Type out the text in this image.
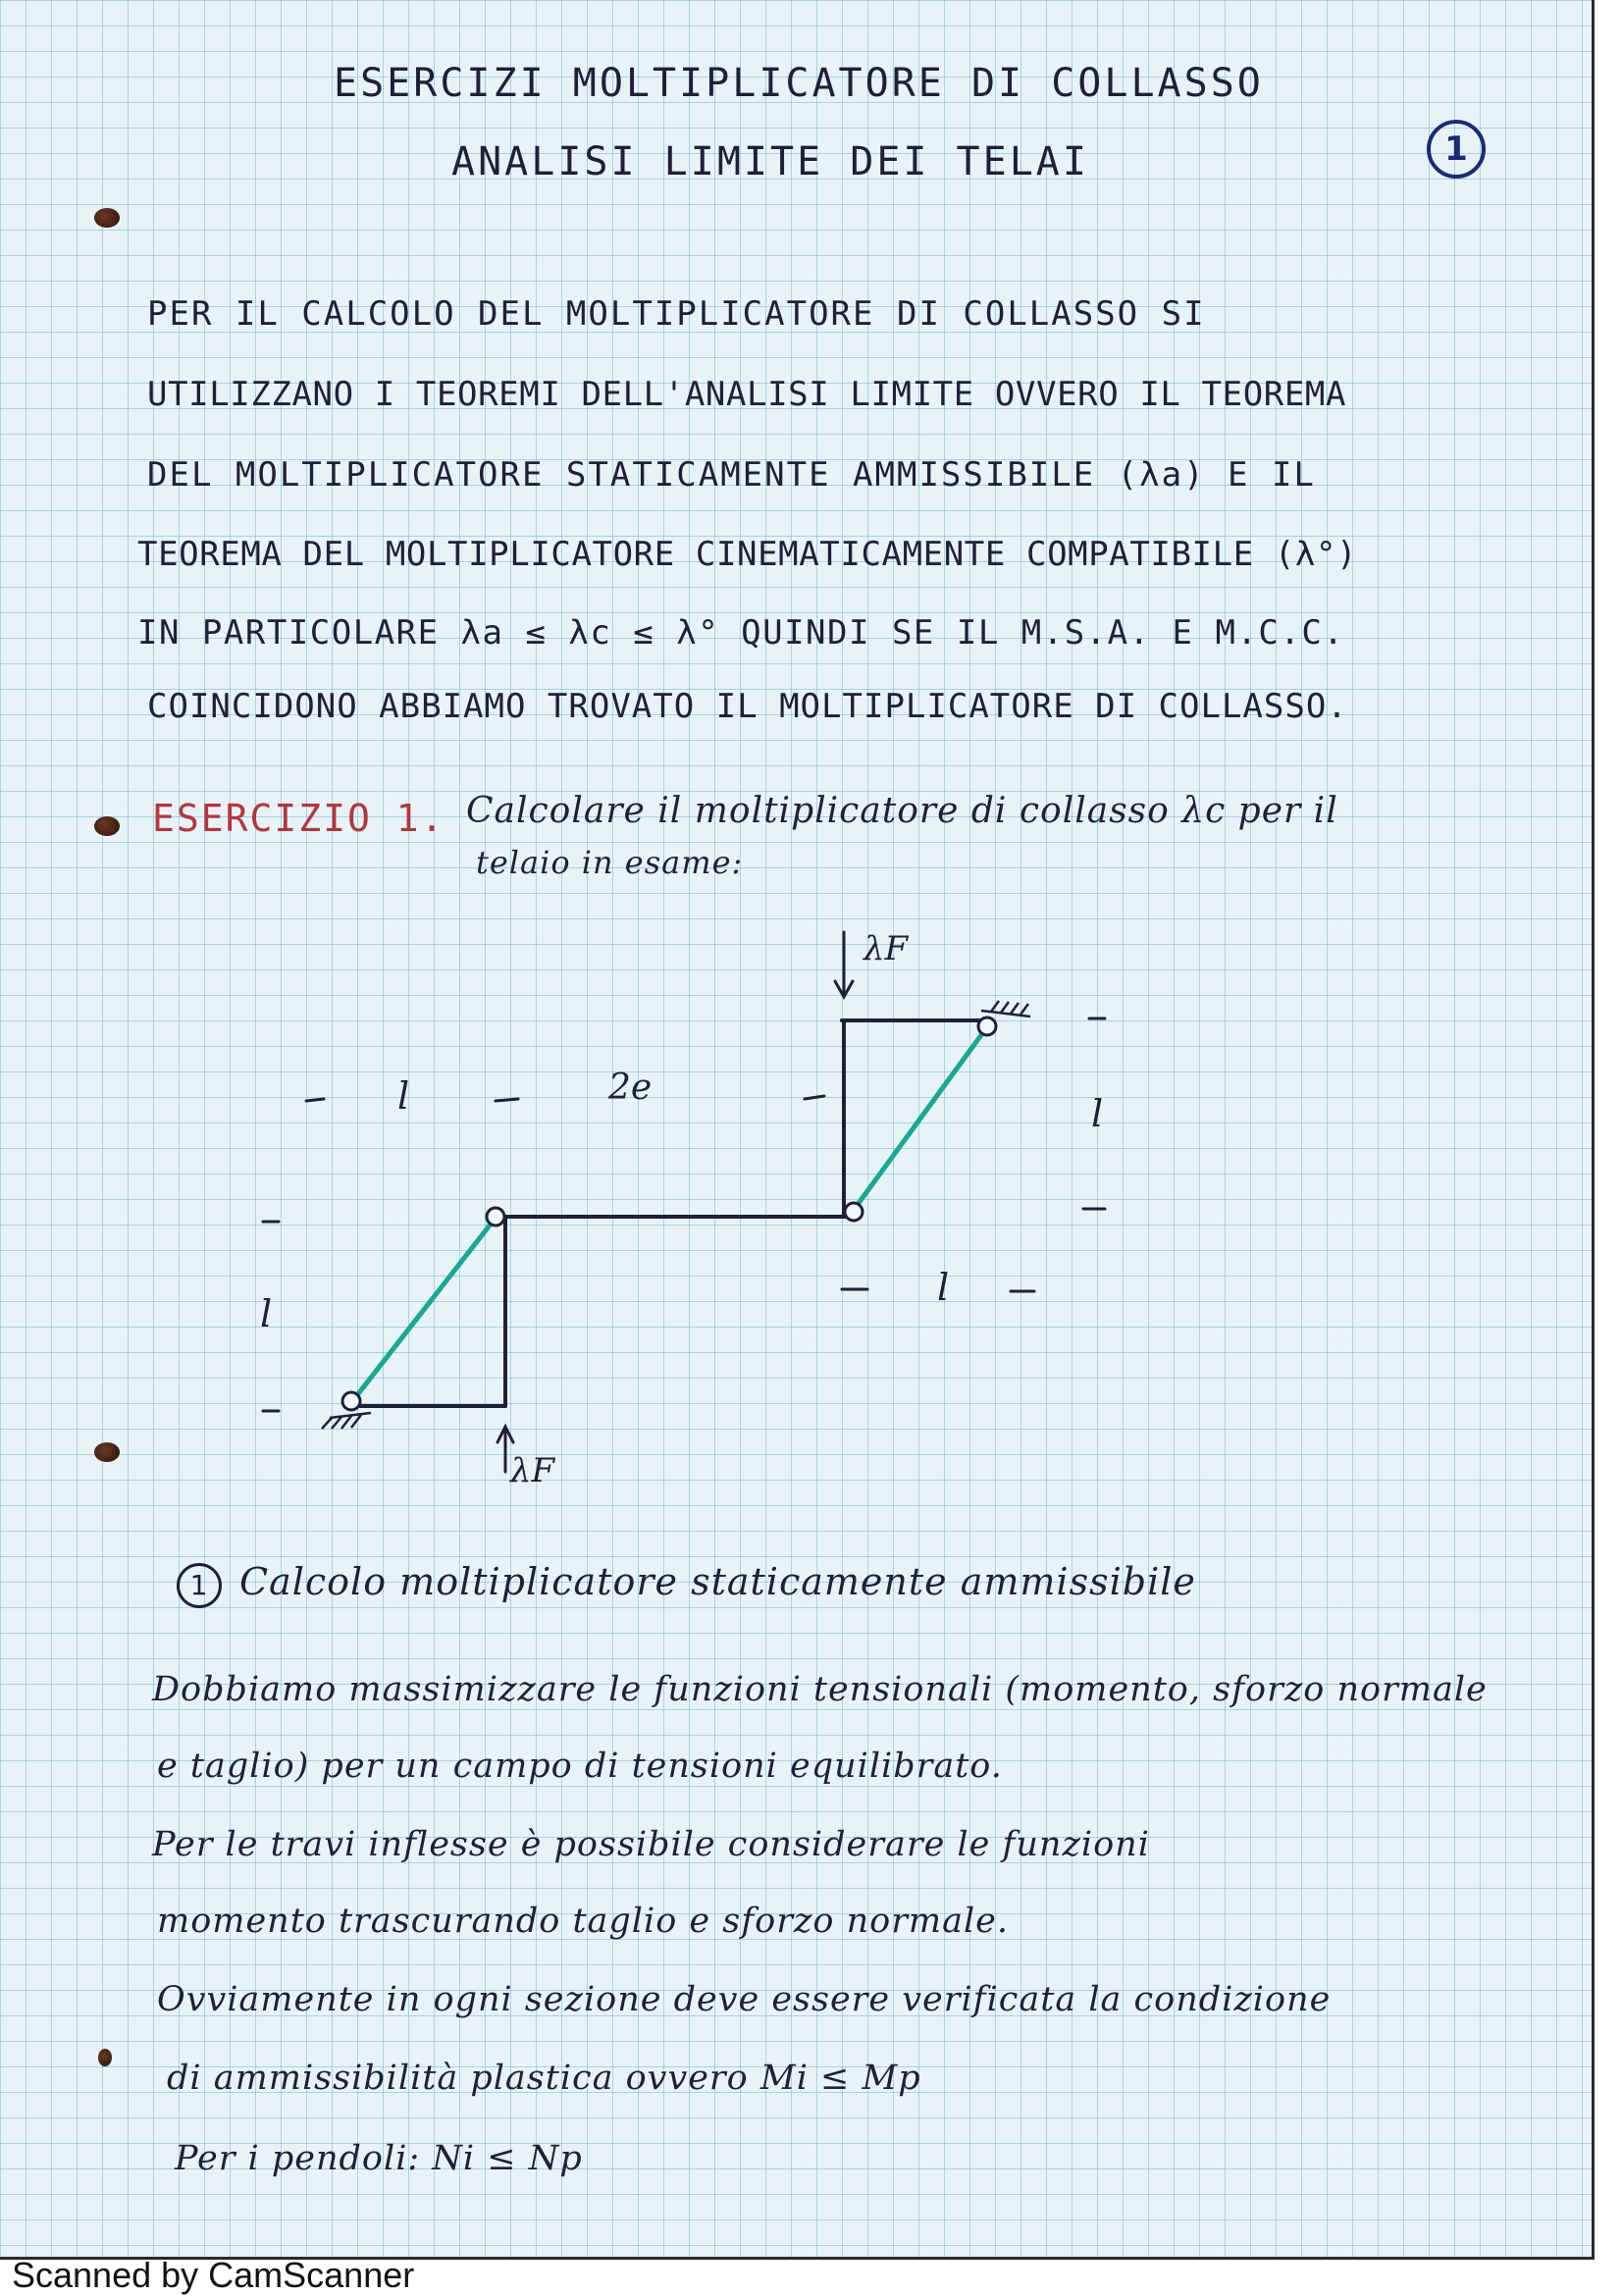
ESERCIZI MOLTIPLICATORE DI COLLASSO
ANALISI LIMITE DEI TELAI	1
PER IL CALCOLO DEL MOLTIPLICATORE DI COLLASSO SI
UTILIZZANO I TEOREMI DELL'ANALISI LIMITE OVVERO IL TEOREMA
DEL MOLTIPLICATORE STATICAMENTE AMMISSIBILE (λa) E IL
TEOREMA DEL MOLTIPLICATORE CINEMATICAMENTE COMPATIBILE (λ°)
IN PARTICOLARE λa ≤ λc ≤ λ° QUINDI SE IL M.S.A. E M.C.C.
COINCIDONO ABBIAMO TROVATO IL MOLTIPLICATORE DI COLLASSO.
ESERCIZIO 1. Calcolare il moltiplicatore di collasso λc per il
telaio in esame:
λF
λF
l	2e
l
l
l
1 Calcolo moltiplicatore staticamente ammissibile
Dobbiamo massimizzare le funzioni tensionali (momento, sforzo normale
e taglio) per un campo di tensioni equilibrato.
Per le travi inflesse è possibile considerare le funzioni
momento trascurando taglio e sforzo normale.
Ovviamente in ogni sezione deve essere verificata la condizione
di ammissibilità plastica ovvero Mi ≤ Mp
Per i pendoli: Ni ≤ Np
Scanned by CamScanner
